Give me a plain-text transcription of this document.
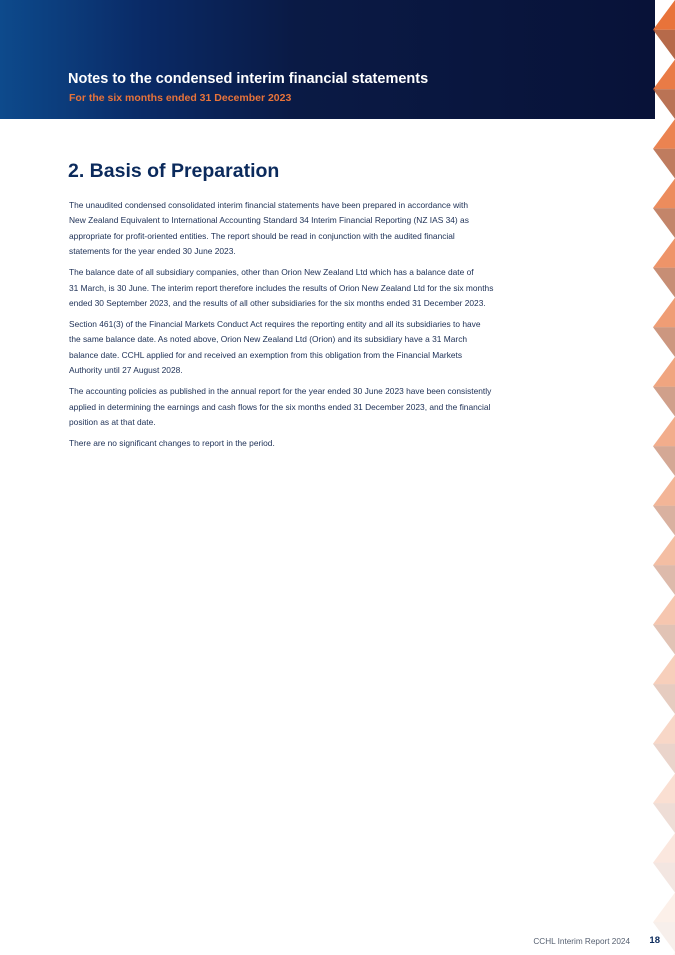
Notes to the condensed interim financial statements
For the six months ended 31 December 2023
2. Basis of Preparation

The unaudited condensed consolidated interim financial statements have been prepared in accordance with
New Zealand Equivalent to International Accounting Standard 34 Interim Financial Reporting (NZ IAS 34) as
appropriate for profit-oriented entities. The report should be read in conjunction with the audited financial
statements for the year ended 30 June 2023.

The balance date of all subsidiary companies, other than Orion New Zealand Ltd which has a balance date of
31 March, is 30 June. The interim report therefore includes the results of Orion New Zealand Ltd for the six months
ended 30 September 2023, and the results of all other subsidiaries for the six months ended 31 December 2023.

Section 461(3) of the Financial Markets Conduct Act requires the reporting entity and all its subsidiaries to have
the same balance date. As noted above, Orion New Zealand Ltd (Orion) and its subsidiary have a 31 March
balance date. CCHL applied for and received an exemption from this obligation from the Financial Markets
Authority until 27 August 2028.

The accounting policies as published in the annual report for the year ended 30 June 2023 have been consistently
applied in determining the earnings and cash flows for the six months ended 31 December 2023, and the financial
position as at that date.

There are no significant changes to report in the period.

CCHL Interim Report 2024 18
